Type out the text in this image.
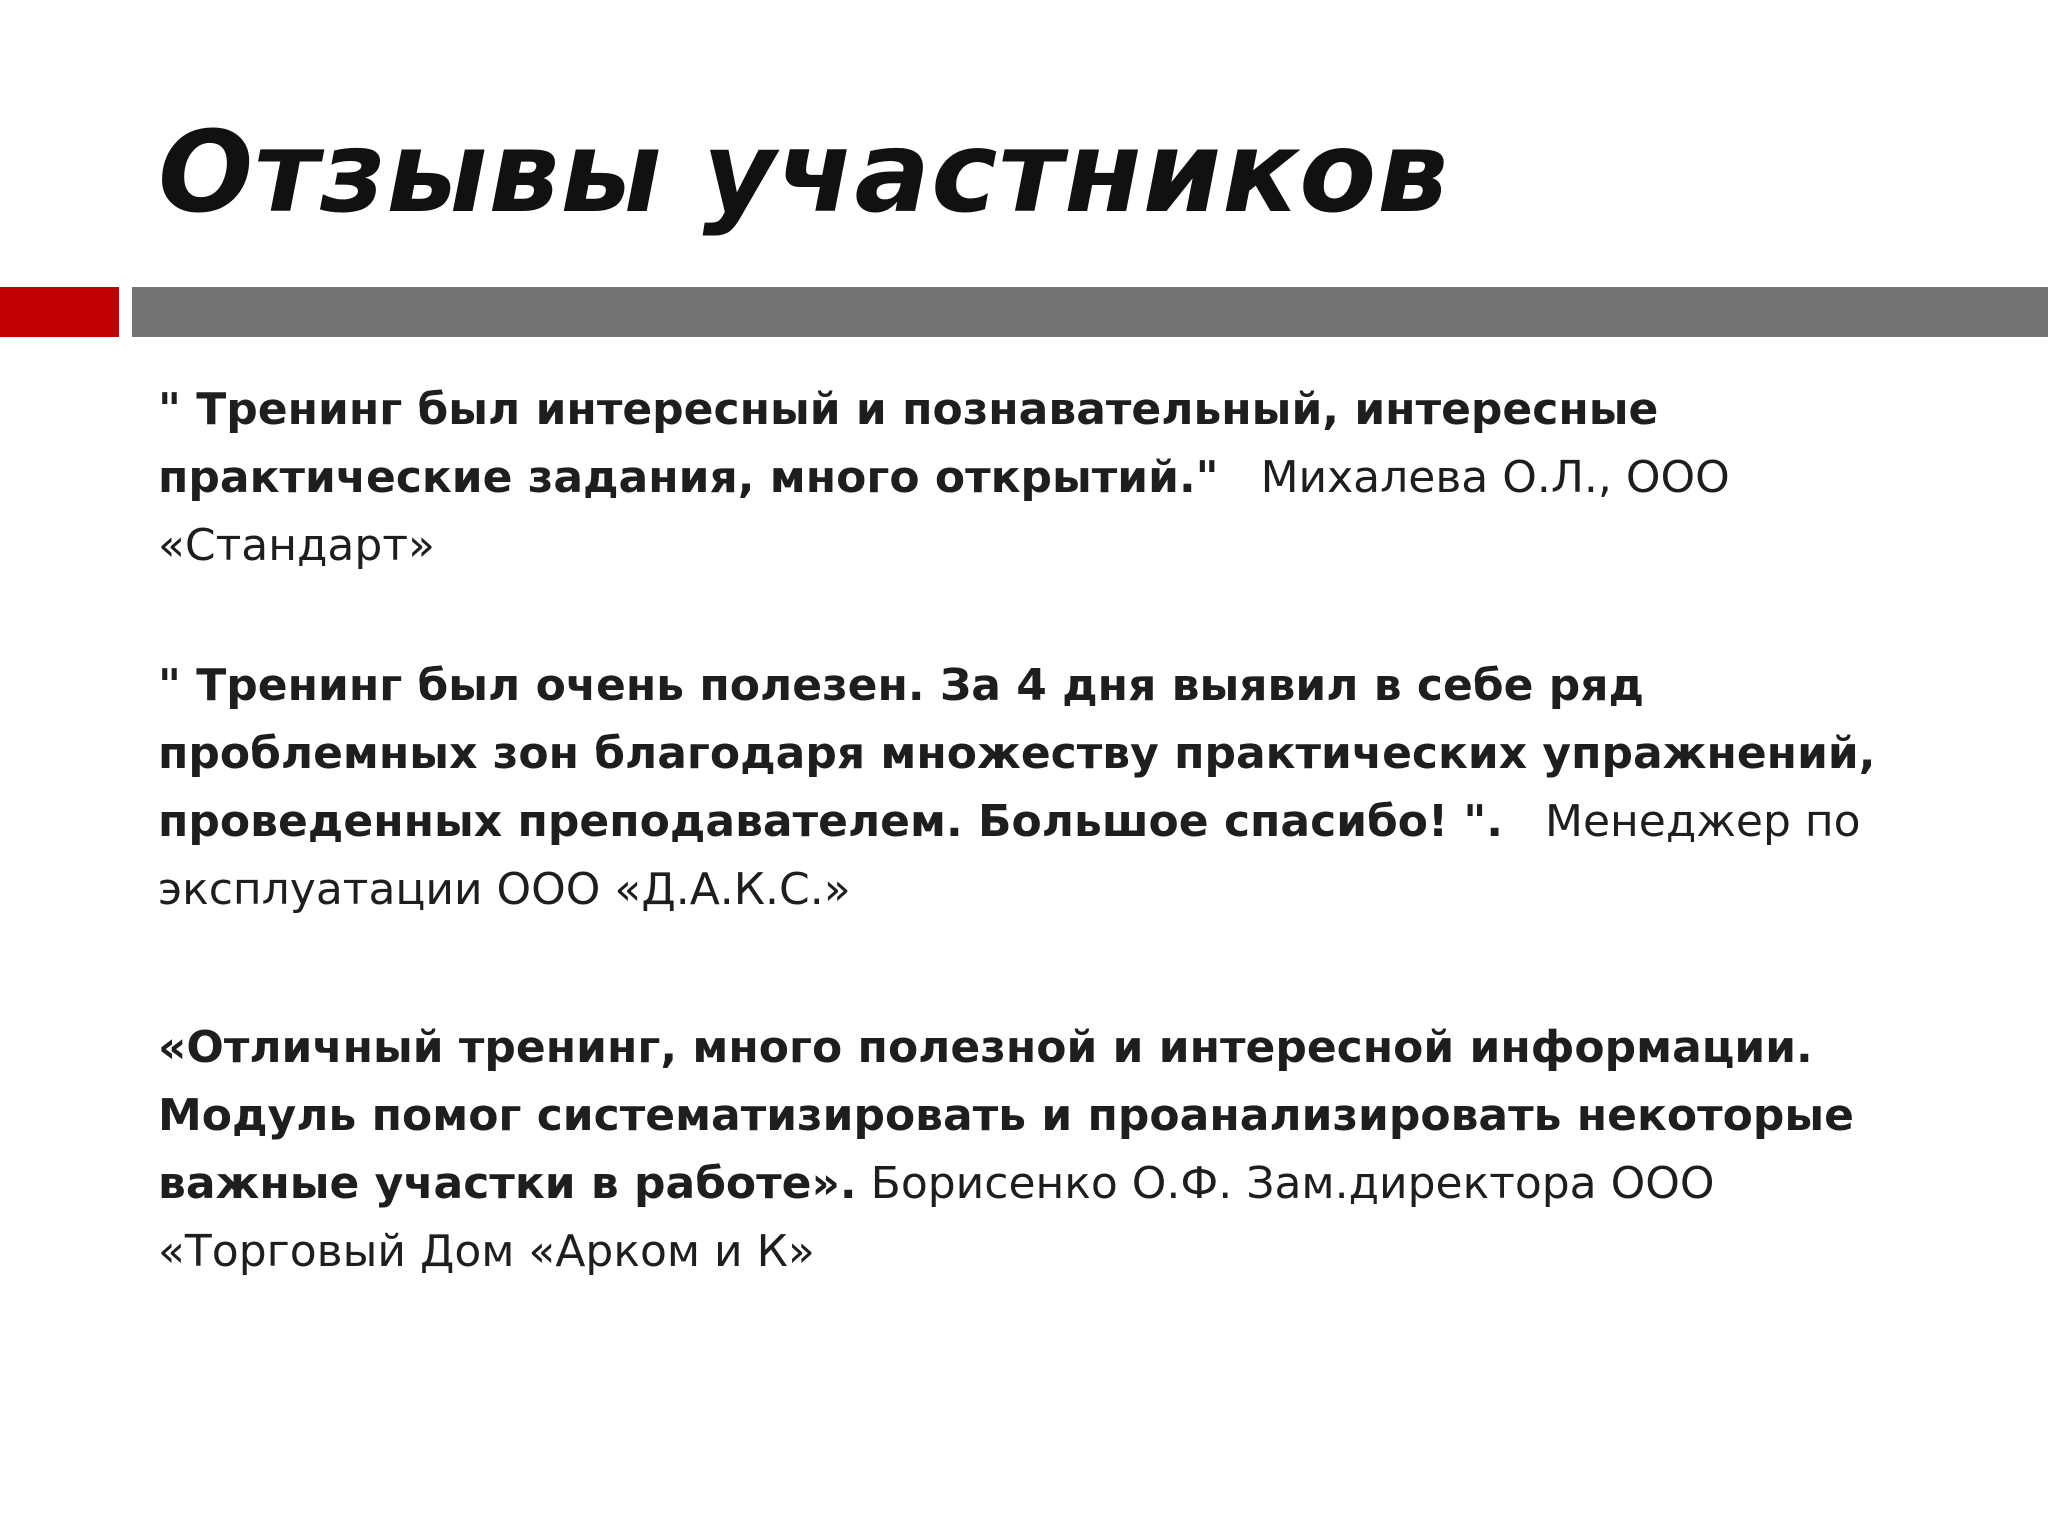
Отзывы участников
" Тренинг был интересный и познавательный, интересные практические задания, много открытий." Михалева О.Л., ООО «Стандарт»
" Тренинг был очень полезен. За 4 дня выявил в себе ряд проблемных зон благодаря множеству практических упражнений, проведенных преподавателем. Большое спасибо! ". Менеджер по эксплуатации ООО «Д.А.К.С.»
«Отличный тренинг, много полезной и интересной информации. Модуль помог систематизировать и проанализировать некоторые важные участки в работе». Борисенко О.Ф. Зам.директора ООО «Торговый Дом «Арком и К»
